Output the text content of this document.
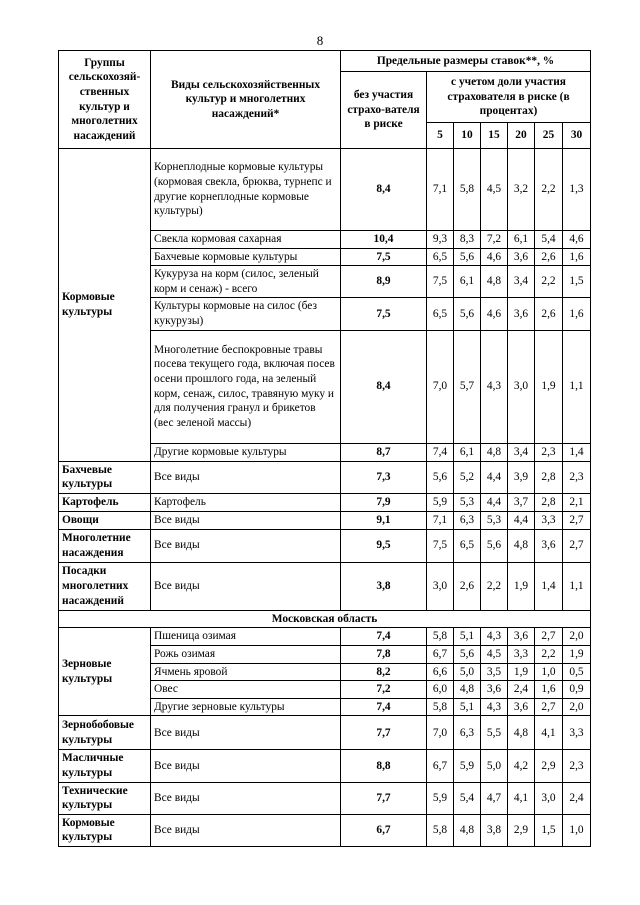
8
Группы сельскохозяй-ственных культур и многолетних насаждений	Виды сельскохозяйственных культур и многолетних насаждений*	Предельные размеры ставок**, %						
		без участия страхо-вателя в риске	с учетом доли участия страхователя в риске (в процентах)					
			5	10	15	20	25	30
Кормовые культуры	Корнеплодные кормовые культуры (кормовая свекла, брюква, турнепс и другие корнеплодные кормовые культуры)	8,4	7,1	5,8	4,5	3,2	2,2	1,3
	Свекла кормовая сахарная	10,4	9,3	8,3	7,2	6,1	5,4	4,6
	Бахчевые кормовые культуры	7,5	6,5	5,6	4,6	3,6	2,6	1,6
	Кукуруза на корм (силос, зеленый корм и сенаж) - всего	8,9	7,5	6,1	4,8	3,4	2,2	1,5
	Культуры кормовые на силос (без кукурузы)	7,5	6,5	5,6	4,6	3,6	2,6	1,6
	Многолетние беспокровные травы посева текущего года, включая посев осени прошлого года, на зеленый корм, сенаж, силос, травяную муку и для получения гранул и брикетов (вес зеленой массы)	8,4	7,0	5,7	4,3	3,0	1,9	1,1
	Другие кормовые культуры	8,7	7,4	6,1	4,8	3,4	2,3	1,4
Бахчевые культуры	Все виды	7,3	5,6	5,2	4,4	3,9	2,8	2,3
Картофель	Картофель	7,9	5,9	5,3	4,4	3,7	2,8	2,1
Овощи	Все виды	9,1	7,1	6,3	5,3	4,4	3,3	2,7
Многолетние насаждения	Все виды	9,5	7,5	6,5	5,6	4,8	3,6	2,7
Посадки многолетних насаждений	Все виды	3,8	3,0	2,6	2,2	1,9	1,4	1,1
Московская область								
Зерновые культуры	Пшеница озимая	7,4	5,8	5,1	4,3	3,6	2,7	2,0
	Рожь озимая	7,8	6,7	5,6	4,5	3,3	2,2	1,9
	Ячмень яровой	8,2	6,6	5,0	3,5	1,9	1,0	0,5
	Овес	7,2	6,0	4,8	3,6	2,4	1,6	0,9
	Другие зерновые культуры	7,4	5,8	5,1	4,3	3,6	2,7	2,0
Зернобобовые культуры	Все виды	7,7	7,0	6,3	5,5	4,8	4,1	3,3
Масличные культуры	Все виды	8,8	6,7	5,9	5,0	4,2	2,9	2,3
Технические культуры	Все виды	7,7	5,9	5,4	4,7	4,1	3,0	2,4
Кормовые культуры	Все виды	6,7	5,8	4,8	3,8	2,9	1,5	1,0
